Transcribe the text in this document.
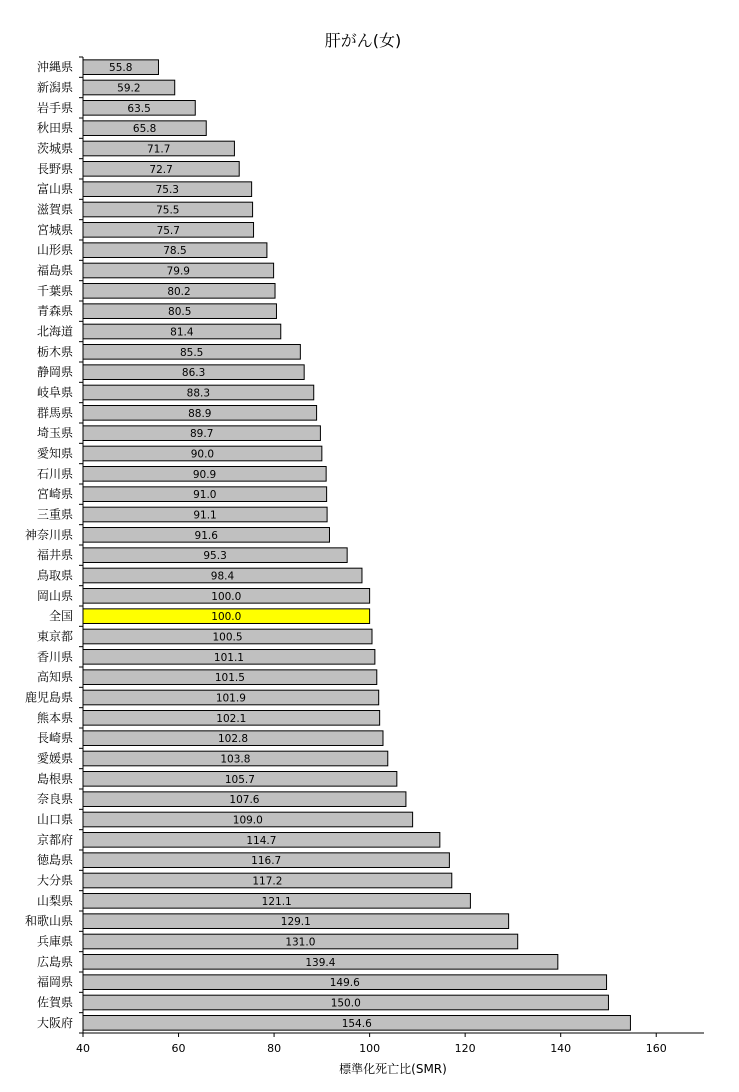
肝がん(女)
沖縄県
新潟県
岩手県
秋田県
茨城県
長野県
富山県
滋賀県
宮城県
山形県
福島県
千葉県
青森県
北海道
栃木県
静岡県
岐阜県
群馬県
埼玉県
愛知県
石川県
宮崎県
三重県
神奈川県
福井県
鳥取県
岡山県
全国
東京都
香川県
高知県
鹿児島県
熊本県
長崎県
愛媛県
島根県
奈良県
山口県
京都府
徳島県
大分県
山梨県
和歌山県
兵庫県
広島県
福岡県
佐賀県
大阪府
55.8
59.2
63.5
65.8
71.7
72.7
75.3
75.5
75.7
78.5
79.9
80.2
80.5
81.4
85.5
86.3
88.3
88.9
89.7
90.0
90.9
91.0
91.1
91.6
95.3
98.4
100.0
100.0
100.5
101.1
101.5
101.9
102.1
102.8
103.8
105.7
107.6
109.0
114.7
116.7
117.2
121.1
129.1
131.0
139.4
149.6
150.0
154.6
40	60	80	100	120	140	160
標準化死亡比(SMR)
